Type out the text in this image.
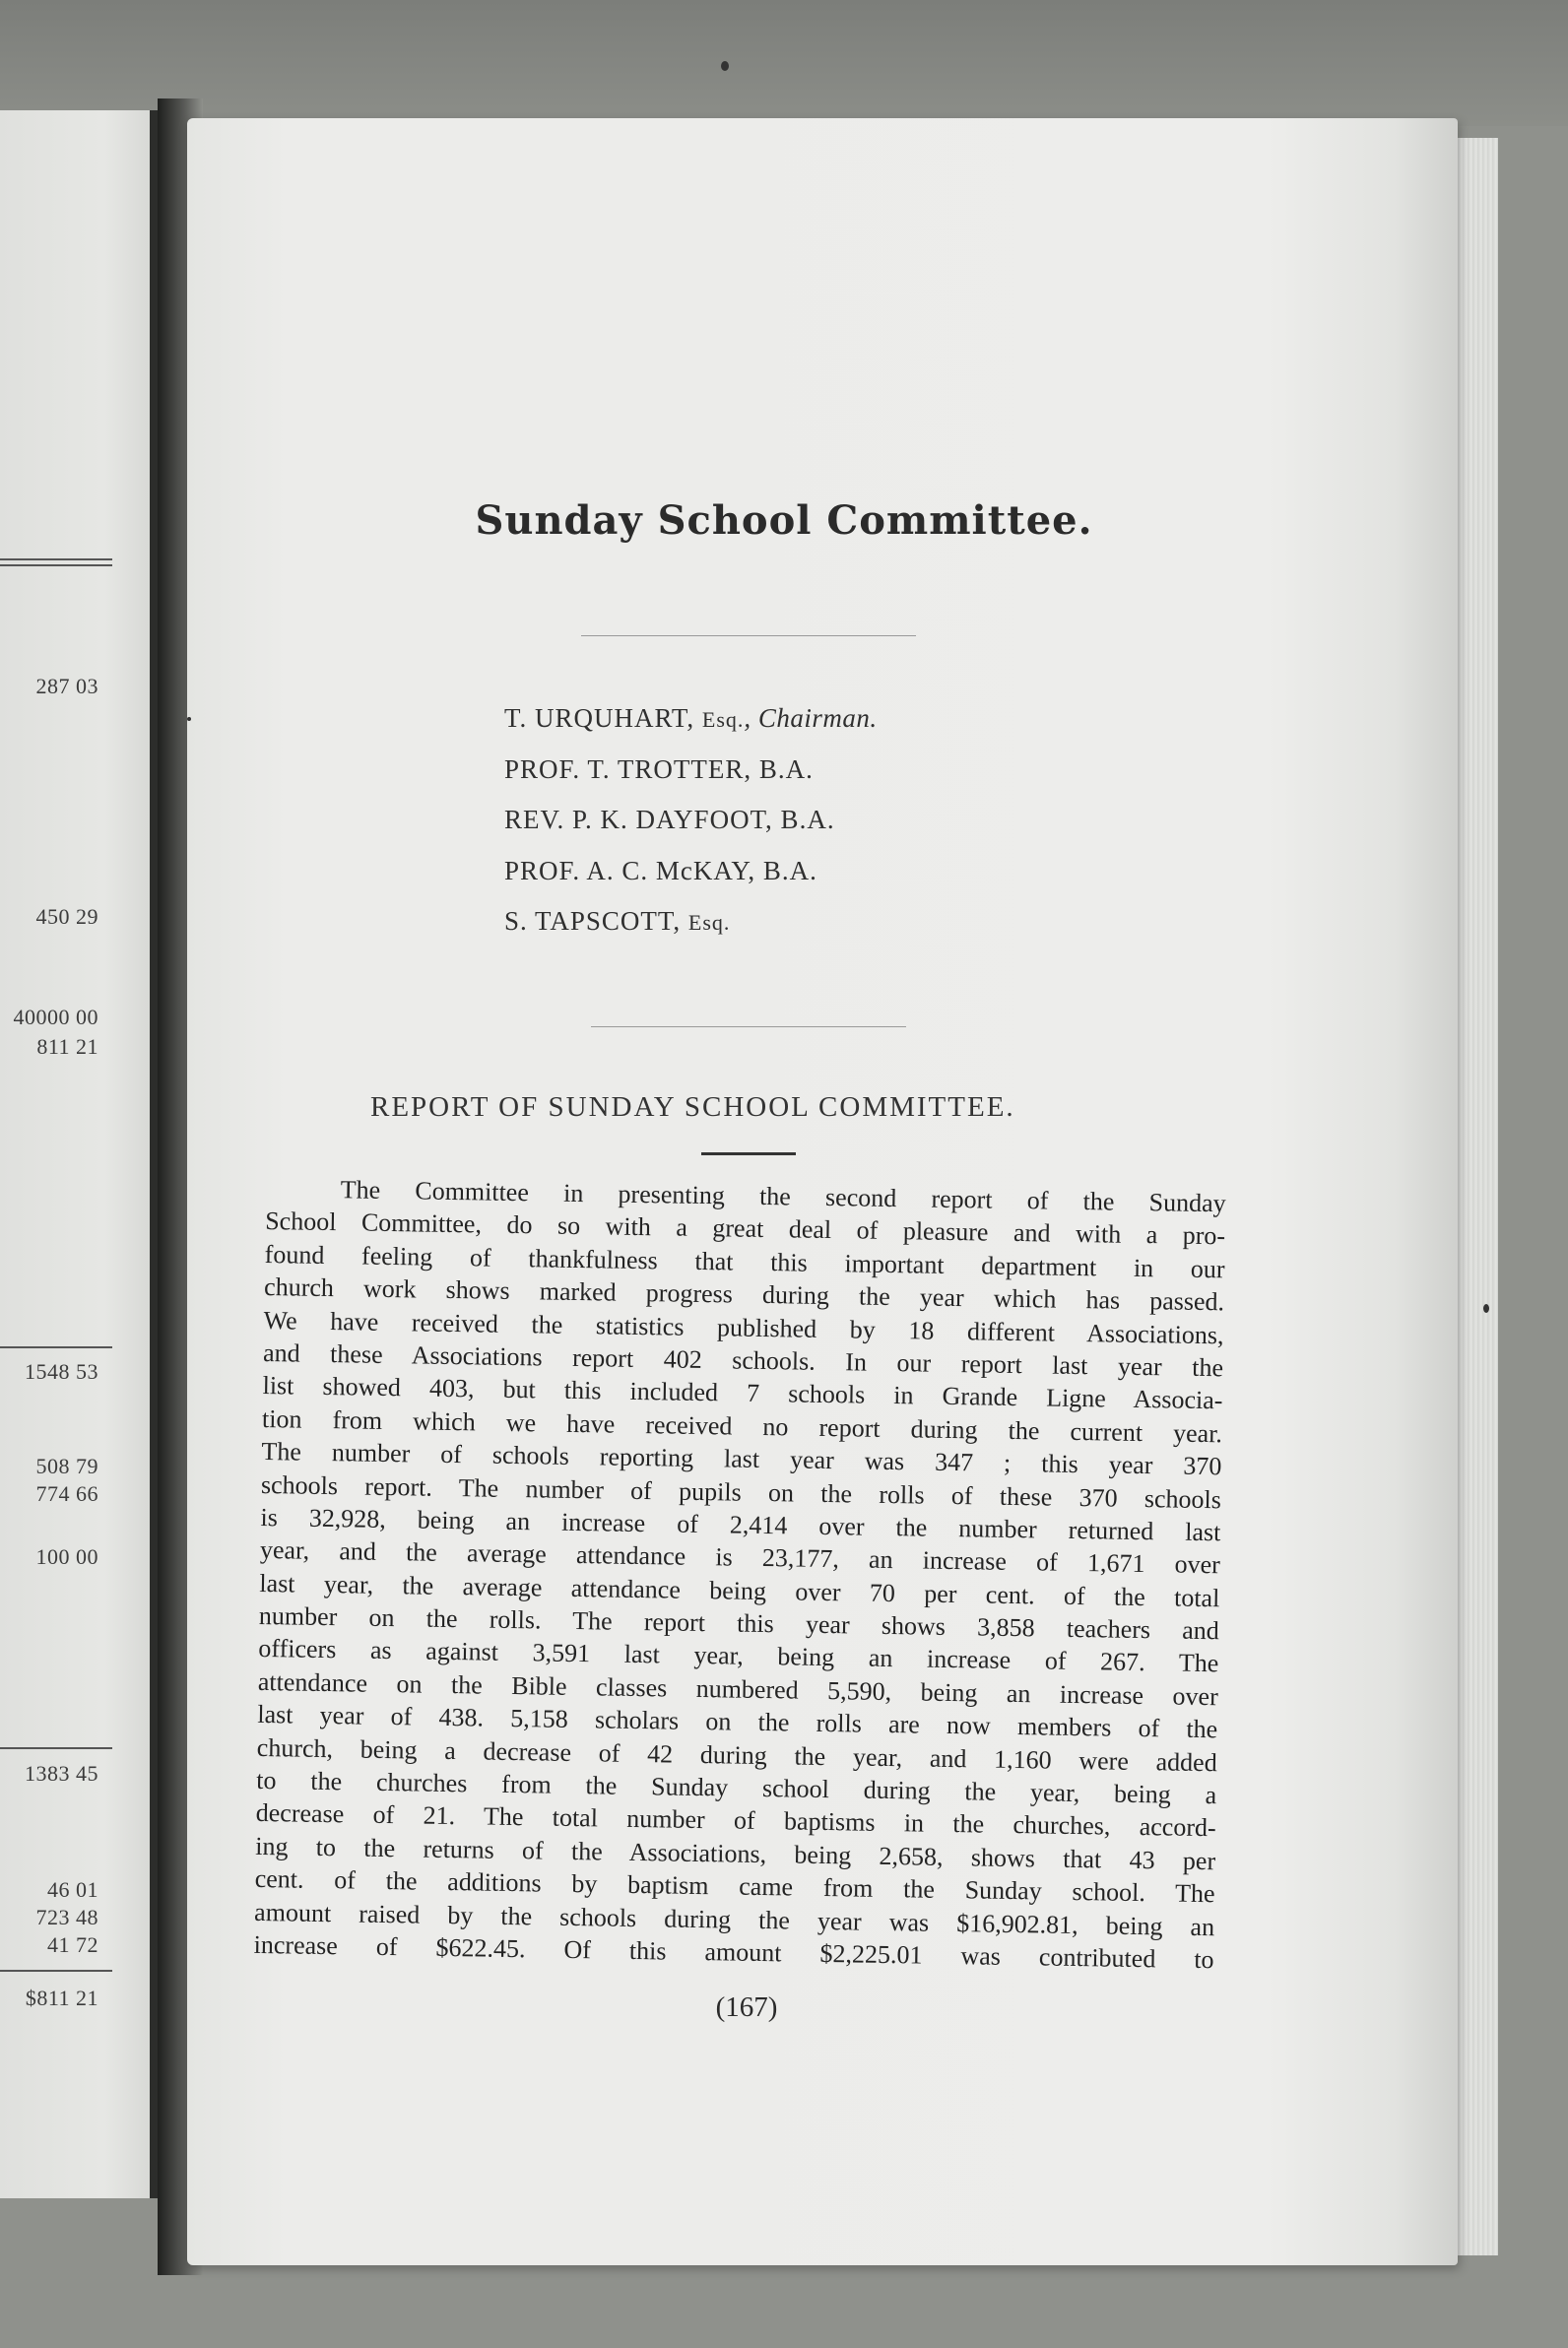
287 03
450 29
40000 00
811 21
1548 53
508 79
774 66
100 00
1383 45
46 01
723 48
41 72
$811 21
Sunday School Committee.
T. URQUHART, Esq., Chairman.
PROF. T. TROTTER, B.A.
REV. P. K. DAYFOOT, B.A.
PROF. A. C. McKAY, B.A.
S. TAPSCOTT, Esq.
REPORT OF SUNDAY SCHOOL COMMITTEE.
The Committee in presenting the second report of the Sunday
School Committee, do so with a great deal of pleasure and with a pro-
found feeling of thankfulness that this important department in our
church work shows marked progress during the year which has passed.
We have received the statistics published by 18 different Associations,
and these Associations report 402 schools. In our report last year the
list showed 403, but this included 7 schools in Grande Ligne Associa-
tion from which we have received no report during the current year.
The number of schools reporting last year was 347 ; this year 370
schools report. The number of pupils on the rolls of these 370 schools
is 32,928, being an increase of 2,414 over the number returned last
year, and the average attendance is 23,177, an increase of 1,671 over
last year, the average attendance being over 70 per cent. of the total
number on the rolls. The report this year shows 3,858 teachers and
officers as against 3,591 last year, being an increase of 267. The
attendance on the Bible classes numbered 5,590, being an increase over
last year of 438. 5,158 scholars on the rolls are now members of the
church, being a decrease of 42 during the year, and 1,160 were added
to the churches from the Sunday school during the year, being a
decrease of 21. The total number of baptisms in the churches, accord-
ing to the returns of the Associations, being 2,658, shows that 43 per
cent. of the additions by baptism came from the Sunday school. The
amount raised by the schools during the year was $16,902.81, being an
increase of $622.45. Of this amount $2,225.01 was contributed to
(167)
